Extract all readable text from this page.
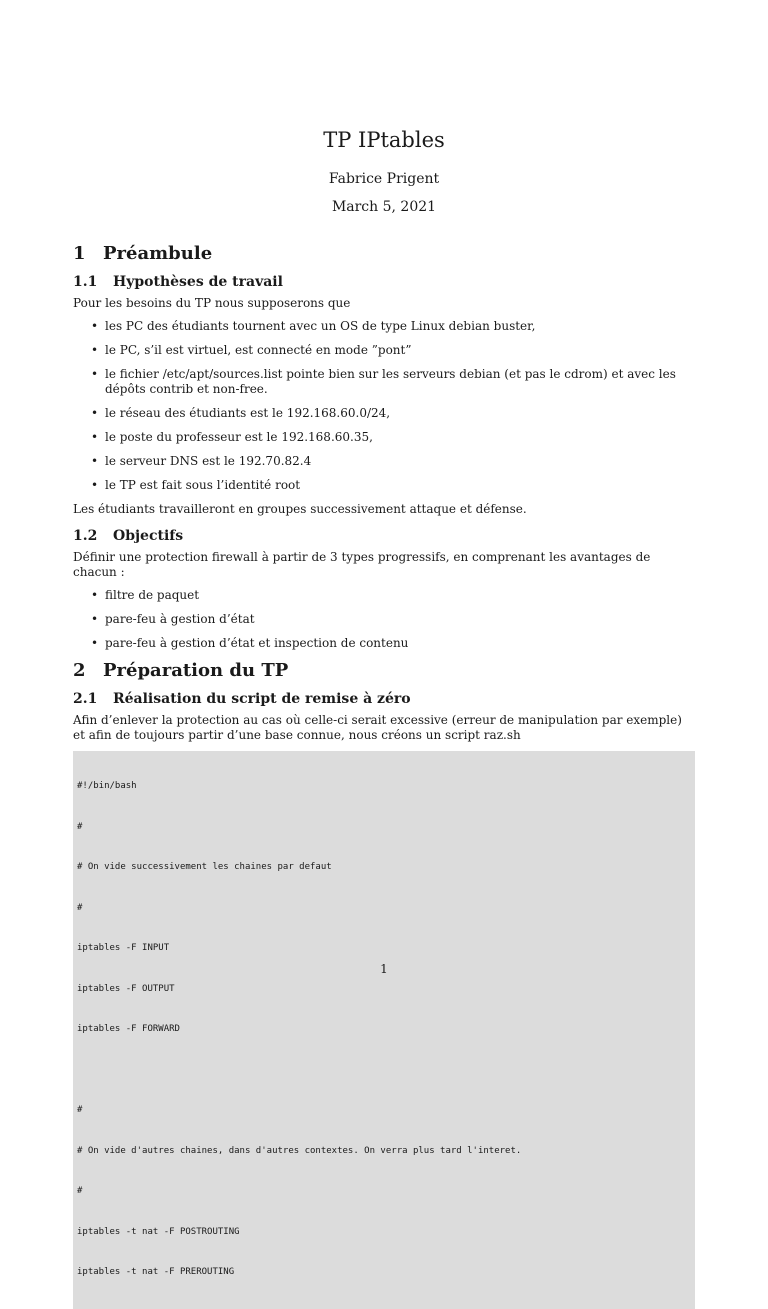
TP IPtables
Fabrice Prigent
March 5, 2021
1 Préambule
1.1	Hypothèses de travail

Pour les besoins du TP nous supposerons que

• les PC des étudiants tournent avec un OS de type Linux debian buster,
• le PC, s’il est virtuel, est connecté en mode ”pont”
• le fichier /etc/apt/sources.list pointe bien sur les serveurs debian (et pas le cdrom) et avec les dépôts contrib et non-free.
• le réseau des étudiants est le 192.168.60.0/24,
• le poste du professeur est le 192.168.60.35,
• le serveur DNS est le 192.70.82.4
• le TP est fait sous l’identité root

Les étudiants travailleront en groupes successivement attaque et défense.

1.2	Objectifs

Définir une protection firewall à partir de 3 types progressifs, en comprenant les avantages de chacun :

• filtre de paquet
• pare-feu à gestion d’état
• pare-feu à gestion d’état et inspection de contenu
2 Préparation du TP
2.1	Réalisation du script de remise à zéro

Afin d’enlever la protection au cas où celle-ci serait excessive (erreur de manipulation par exemple) et afin de toujours partir d’une base connue, nous créons un script raz.sh

#!/bin/bash

#

# On vide successivement les chaines par defaut

#

iptables -F INPUT

iptables -F OUTPUT

iptables -F FORWARD

#

# On vide d'autres chaines, dans d'autres contextes. On verra plus tard l'interet.

#

iptables -t nat -F POSTROUTING

iptables -t nat -F PREROUTING

1
